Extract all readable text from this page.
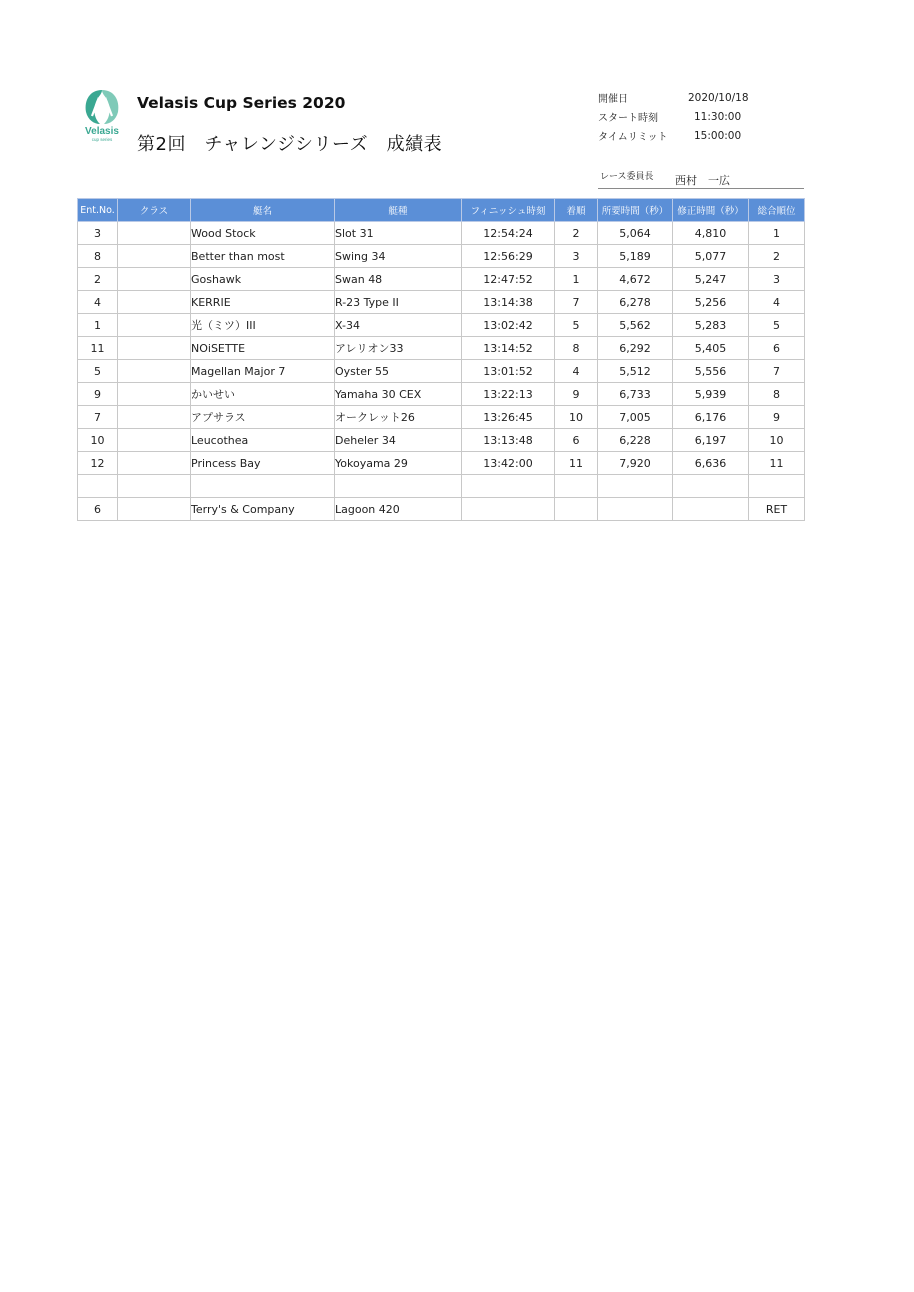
Velasis
cup series
Velasis Cup Series 2020
第2回　チャレンジシリーズ　成績表
開催日	2020/10/18
スタート時刻	11:30:00
タイムリミット	15:00:00
レース委員長 西村　一広
Ent.No.	クラス	艇名	艇種	フィニッシュ時刻	着順	所要時間（秒）	修正時間（秒）	総合順位
3		Wood Stock	Slot 31	12:54:24	2	5,064	4,810	1
8		Better than most	Swing 34	12:56:29	3	5,189	5,077	2
2		Goshawk	Swan 48	12:47:52	1	4,672	5,247	3
4		KERRIE	R-23 Type II	13:14:38	7	6,278	5,256	4
1		光（ミツ）III	X-34	13:02:42	5	5,562	5,283	5
11		NOiSETTE	アレリオン33	13:14:52	8	6,292	5,405	6
5		Magellan Major 7	Oyster 55	13:01:52	4	5,512	5,556	7
9		かいせい	Yamaha 30 CEX	13:22:13	9	6,733	5,939	8
7		アプサラス	オークレット26	13:26:45	10	7,005	6,176	9
10		Leucothea	Deheler 34	13:13:48	6	6,228	6,197	10
12		Princess Bay	Yokoyama 29	13:42:00	11	7,920	6,636	11

6		Terry's & Company	Lagoon 420					RET
